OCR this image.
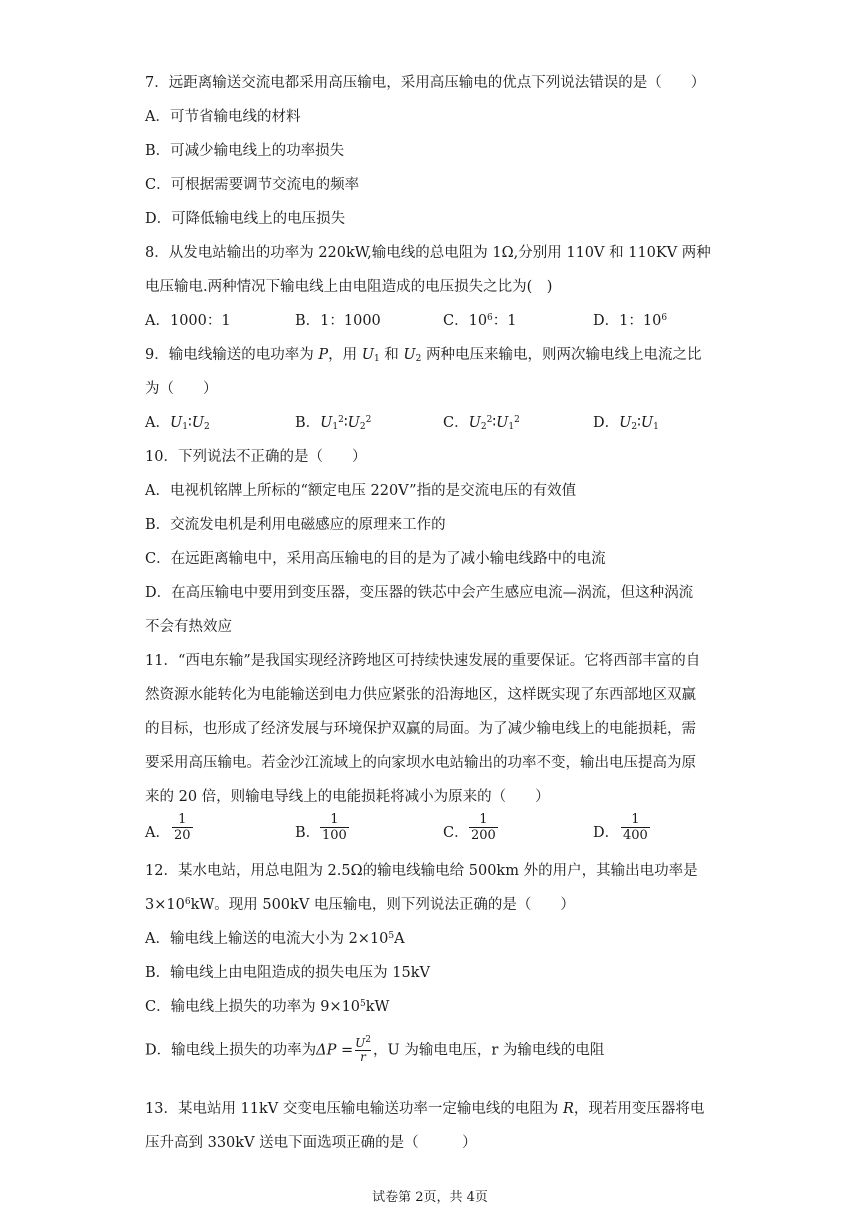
7．远距离输送交流电都采用高压输电，采用高压输电的优点下列说法错误的是（　　）
A．可节省输电线的材料
B．可减少输电线上的功率损失
C．可根据需要调节交流电的频率
D．可降低输电线上的电压损失
8．从发电站输出的功率为 220kW,输电线的总电阻为 1Ω,分别用 110V 和 110KV 两种
电压输电.两种情况下输电线上由电阻造成的电压损失之比为(　)
A．1000：1	B．1：1000	C．$10^6$：1	D．1：$10^6$
9．输电线输送的电功率为 P，用 $U_1$ 和 $U_2$ 两种电压来输电，则两次输电线上电流之比
为（　　）
A．$U_1∶U_2$	B．$U_1^2∶U_2^2$	C．$U_2^2∶U_1^2$	D．$U_2∶U_1$
10．下列说法不正确的是（　　）
A．电视机铭牌上所标的“额定电压 220V”指的是交流电压的有效值
B．交流发电机是利用电磁感应的原理来工作的
C．在远距离输电中，采用高压输电的目的是为了减小输电线路中的电流
D．在高压输电中要用到变压器，变压器的铁芯中会产生感应电流—涡流，但这种涡流
不会有热效应
11．“西电东输”是我国实现经济跨地区可持续快速发展的重要保证。它将西部丰富的自
然资源水能转化为电能输送到电力供应紧张的沿海地区，这样既实现了东西部地区双赢
的目标，也形成了经济发展与环境保护双赢的局面。为了减少输电线上的电能损耗，需
要采用高压输电。若金沙江流域上的向家坝水电站输出的功率不变，输出电压提高为原
来的 20 倍，则输电导线上的电能损耗将减小为原来的（　　）
A．
1
20	B．
1
100	C．
1
200	D．
1
400
12．某水电站，用总电阻为 2.5Ω的输电线输电给 500km 外的用户，其输出电功率是
$3\times 10^6kW$。现用 500kV 电压输电，则下列说法正确的是（　　）
A．输电线上输送的电流大小为 $2\times 10^5A$
B．输电线上由电阻造成的损失电压为 15kV
C．输电线上损失的功率为 $9\times 10^5kW$
D．输电线上损失的功率为$\Delta P = \frac{U^2}{r}$ ，U 为输电电压，r 为输电线的电阻
13．某电站用 11kV 交变电压输电输送功率一定输电线的电阻为 R，现若用变压器将电
压升高到 330kV 送电下面选项正确的是（　　　）
试卷第 2页，共 4页
